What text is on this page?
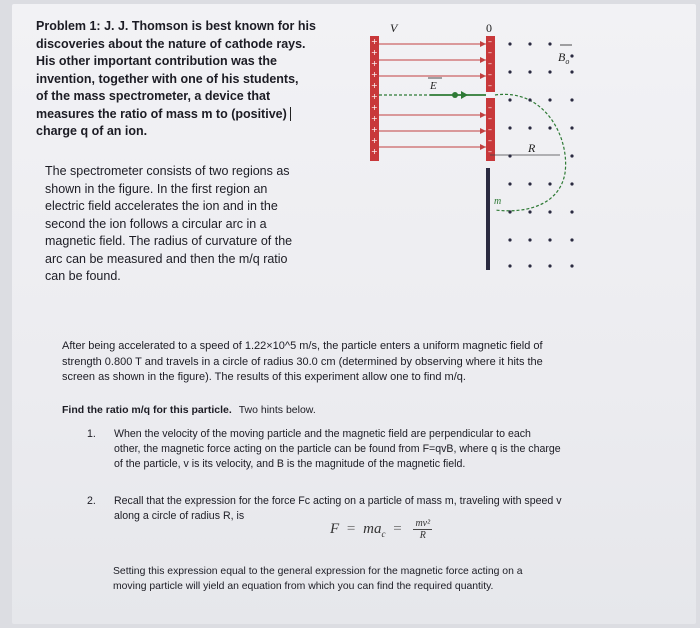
Problem 1: J. J. Thomson is best known for his
discoveries about the nature of cathode rays.
His other important contribution was the
invention, together with one of his students,
of the mass spectrometer, a device that
measures the ratio of mass m to (positive)
charge q of an ion.
V	0
+
+
+
+
+
+
+
+
+
+
+
–
–
–
–
–
–
–
–
–
–
E
R
m
$B_o$
The spectrometer consists of two regions as
shown in the figure. In the first region an
electric field accelerates the ion and in the
second the ion follows a circular arc in a
magnetic field. The radius of curvature of the
arc can be measured and then the m/q ratio
can be found.
After being accelerated to a speed of 1.22×10^5 m/s, the particle enters a uniform magnetic field of
strength 0.800 T and travels in a circle of radius 30.0 cm (determined by observing where it hits the
screen as shown in the figure). The results of this experiment allow one to find m/q.
Find the ratio m/q for this particle. Two hints below.
1. When the velocity of the moving particle and the magnetic field are perpendicular to each
other, the magnetic force acting on the particle can be found from F=qvB, where q is the charge
of the particle, v is its velocity, and B is the magnitude of the magnetic field.
2. Recall that the expression for the force Fc acting on a particle of mass m, traveling with speed v
along a circle of radius R, is
$F = ma_c = \frac{\text{mv²}}{R}$
Setting this expression equal to the general expression for the magnetic force acting on a
moving particle will yield an equation from which you can find the required quantity.
